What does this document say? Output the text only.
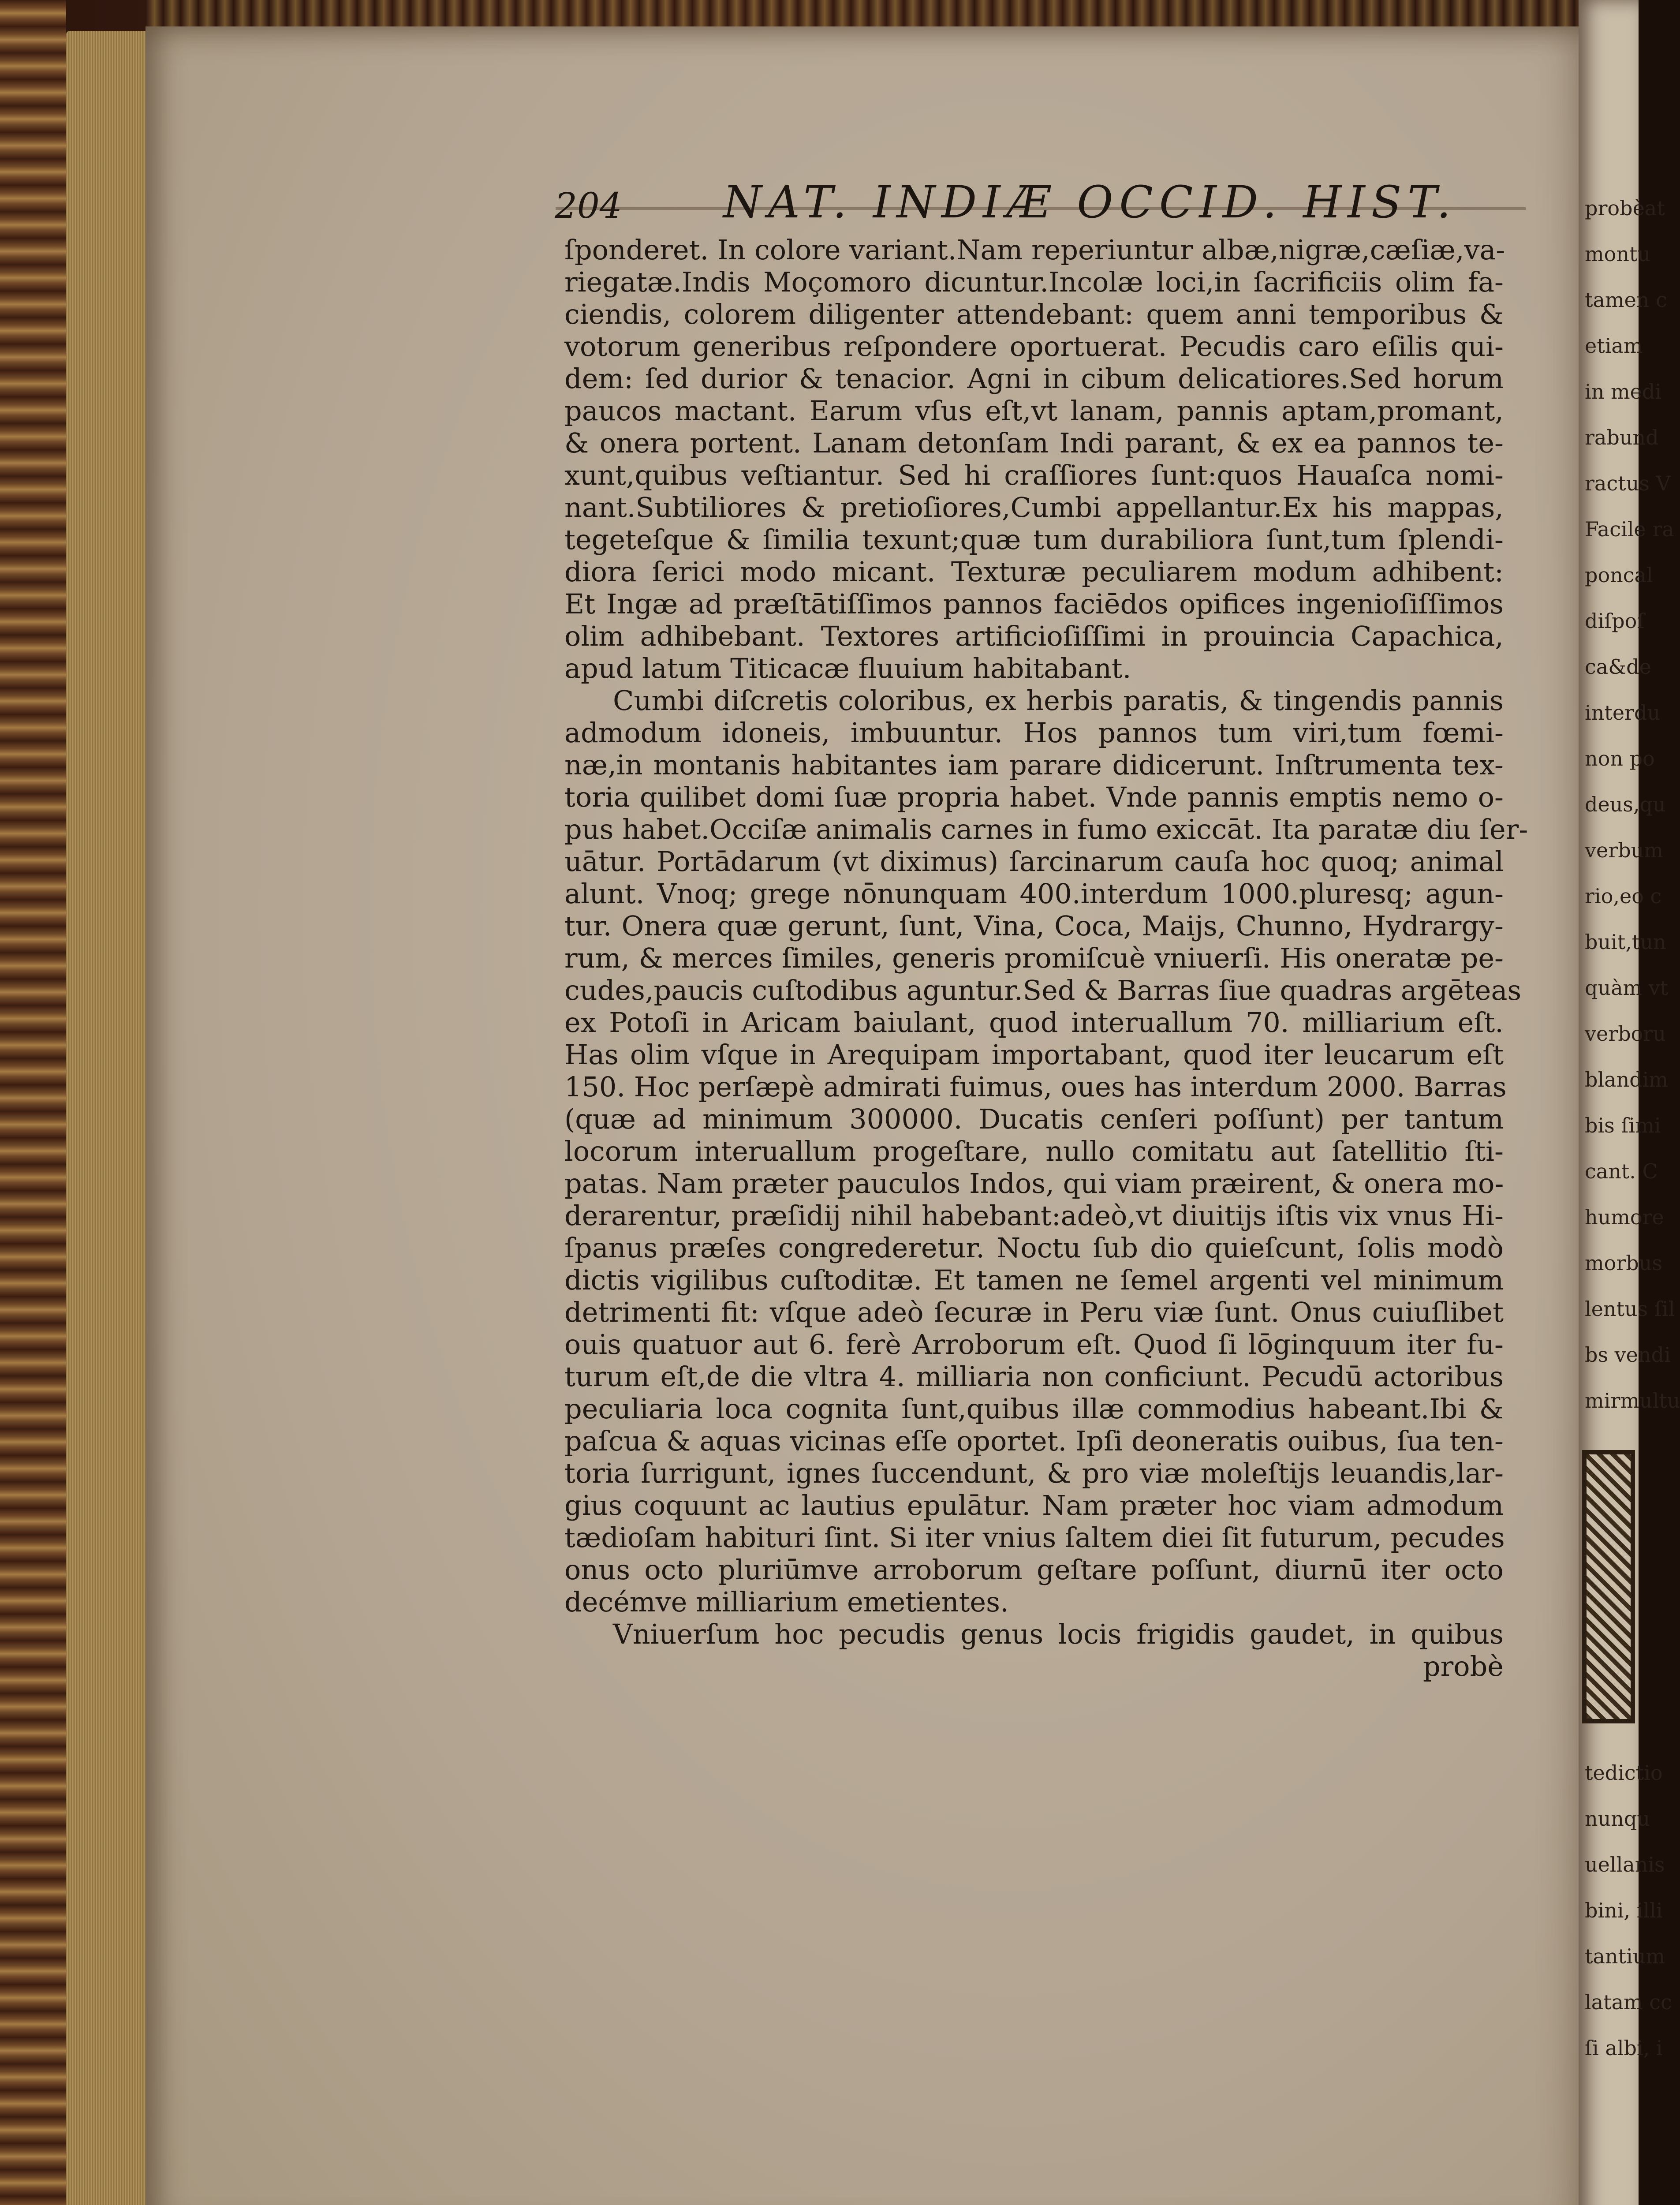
204 NAT. INDIÆ OCCID. HIST.
ſponderet. In colore variant.Nam reperiuntur albæ,nigræ,cæſiæ,va-
riegatæ.Indis Moçomoro dicuntur.Incolæ loci,in ſacrificiis olim fa-
ciendis, colorem diligenter attendebant: quem anni temporibus &
votorum generibus reſpondere oportuerat. Pecudis caro eſilis qui-
dem: ſed durior & tenacior. Agni in cibum delicatiores.Sed horum
paucos mactant. Earum vſus eſt,vt lanam, pannis aptam,promant,
& onera portent. Lanam detonſam Indi parant, & ex ea pannos te-
xunt,quibus veſtiantur. Sed hi craſſiores ſunt:quos Hauaſca nomi-
nant.Subtiliores & pretioſiores,Cumbi appellantur.Ex his mappas,
tegeteſque & ſimilia texunt;quæ tum durabiliora ſunt,tum ſplendi-
diora ſerici modo micant. Texturæ peculiarem modum adhibent:
Et Ingæ ad præſtātiſſimos pannos faciēdos opifices ingenioſiſſimos
olim adhibebant. Textores artificioſiſſimi in prouincia Capachica,
apud latum Titicacæ fluuium habitabant.
Cumbi diſcretis coloribus, ex herbis paratis, & tingendis pannis
admodum idoneis, imbuuntur. Hos pannos tum viri,tum fœmi-
næ,in montanis habitantes iam parare didicerunt. Inſtrumenta tex-
toria quilibet domi ſuæ propria habet. Vnde pannis emptis nemo o-
pus habet.Occiſæ animalis carnes in fumo exiccāt. Ita paratæ diu ſer-
uātur. Portādarum (vt diximus) ſarcinarum cauſa hoc quoq; animal
alunt. Vnoq; grege nōnunquam 400.interdum 1000.pluresq; agun-
tur. Onera quæ gerunt, ſunt, Vina, Coca, Maijs, Chunno, Hydrargy-
rum, & merces ſimiles, generis promiſcuè vniuerſi. His oneratæ pe-
cudes,paucis cuſtodibus aguntur.Sed & Barras ſiue quadras argēteas
ex Potoſi in Aricam baiulant, quod interuallum 70. milliarium eſt.
Has olim vſque in Arequipam importabant, quod iter leucarum eſt
150. Hoc perſæpè admirati fuimus, oues has interdum 2000. Barras
(quæ ad minimum 300000. Ducatis cenſeri poſſunt) per tantum
locorum interuallum progeſtare, nullo comitatu aut ſatellitio ſti-
patas. Nam præter pauculos Indos, qui viam præirent, & onera mo-
derarentur, præſidij nihil habebant:adeò,vt diuitijs iſtis vix vnus Hi-
ſpanus præſes congrederetur. Noctu ſub dio quieſcunt, ſolis modò
dictis vigilibus cuſtoditæ. Et tamen ne ſemel argenti vel minimum
detrimenti fit: vſque adeò ſecuræ in Peru viæ ſunt. Onus cuiuſlibet
ouis quatuor aut 6. ferè Arroborum eſt. Quod ſi lōginquum iter fu-
turum eſt,de die vltra 4. milliaria non conficiunt. Pecudū actoribus
peculiaria loca cognita ſunt,quibus illæ commodius habeant.Ibi &
paſcua & aquas vicinas eſſe oportet. Ipſi deoneratis ouibus, ſua ten-
toria ſurrigunt, ignes ſuccendunt, & pro viæ moleſtijs leuandis,lar-
gius coquunt ac lautius epulātur. Nam præter hoc viam admodum
tædioſam habituri ſint. Si iter vnius ſaltem diei ſit futurum, pecudes
onus octo pluriūmve arroborum geſtare poſſunt, diurnū iter octo
decémve milliarium emetientes.
Vniuerſum hoc pecudis genus locis frigidis gaudet, in quibus
probè
probèat
montu
tamen c
etiam
in medi
rabund
ractus V
Facile ra
poncal
diſpoſ
ca&de
interdu
non po
deus,qu
verbum
rio,eo c
buit,tun
quàm vt
verboru
blandim
bis ſimi
cant. C
humore
morbus
lentus ſil
bs vendi
mirmultu
tedictio
nunqu
uellanis
bini, illi
tantium
latam cc
ſi albi, i
